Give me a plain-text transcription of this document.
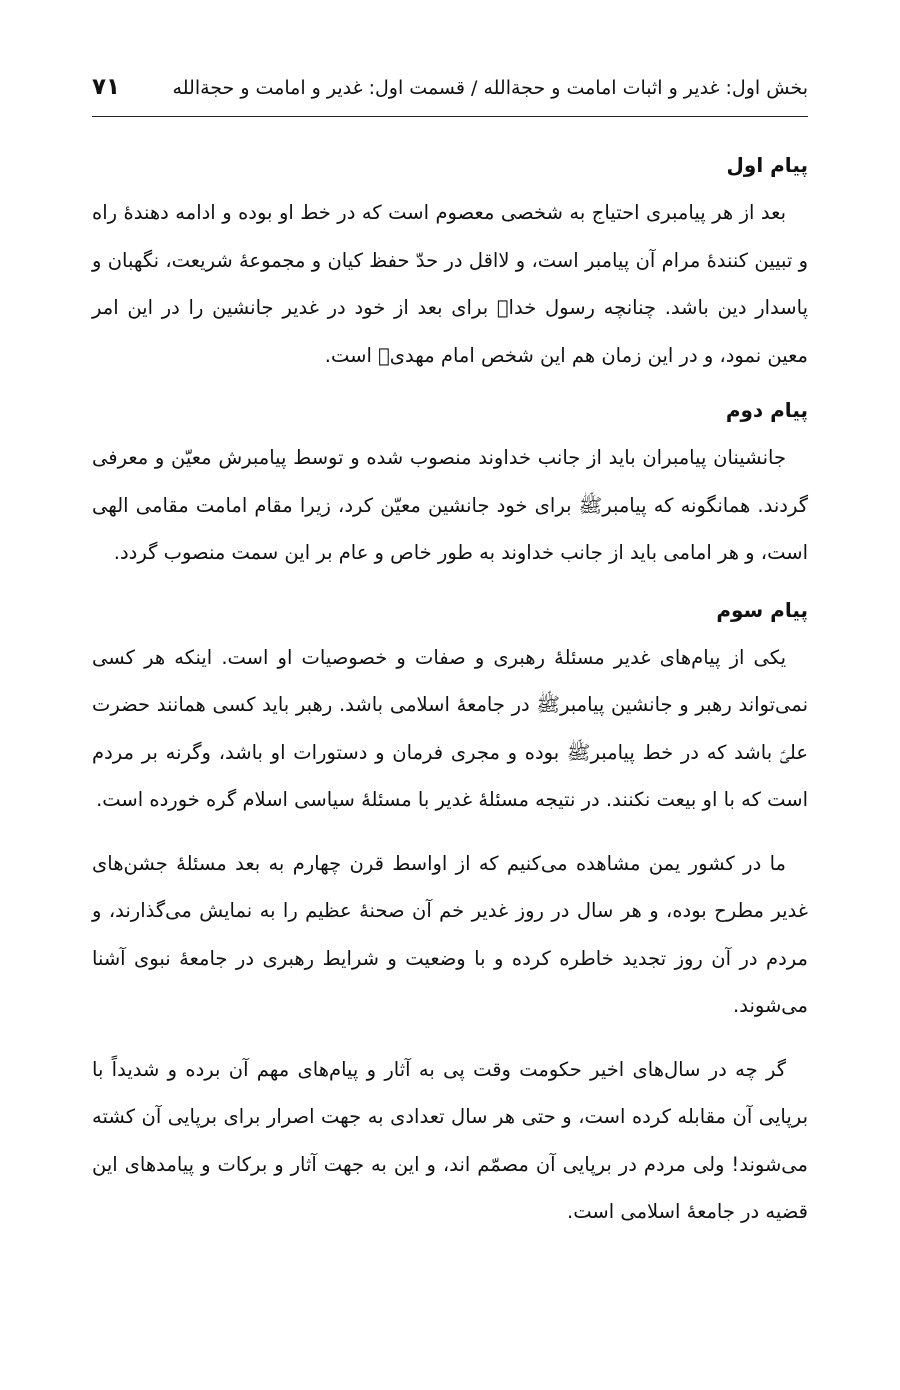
بخش اول: غدیر و اثبات امامت و حجةالله / قسمت اول: غدیر و امامت و حجةالله
٧١
پیام اول

بعد از هر پیامبری احتیاج به شخصی معصوم است که در خط او بوده و ادامه دهندهٔ راه و تبیین کنندهٔ مرام آن پیامبر است، و لااقل در حدّ حفظ کیان و مجموعهٔ شریعت، نگهبان و پاسدار دین باشد. چنانچه رسول خداﷺ برای بعد از خود در غدیر جانشین را در این امر معین نمود، و در این زمان هم این شخص امام مهدیؑ است.

پیام دوم

جانشینان پیامبران باید از جانب خداوند منصوب شده و توسط پیامبرش معیّن و معرفی گردند. همانگونه که پیامبرﷺ برای خود جانشین معیّن کرد، زیرا مقام امامت مقامی الهی است، و هر امامی باید از جانب خداوند به طور خاص و عام بر این سمت منصوب گردد.

پیام سوم

یکی از پیام‌های غدیر مسئلهٔ رهبری و صفات و خصوصیات او است. اینکه هر کسی نمی‌تواند رهبر و جانشین پیامبرﷺ در جامعهٔ اسلامی باشد. رهبر باید کسی همانند حضرت علیؑ باشد که در خط پیامبرﷺ بوده و مجری فرمان و دستورات او باشد، وگرنه بر مردم است که با او بیعت نکنند. در نتیجه مسئلهٔ غدیر با مسئلهٔ سیاسی اسلام گره خورده است.

ما در کشور یمن مشاهده می‌کنیم که از اواسط قرن چهارم به بعد مسئلهٔ جشن‌های غدیر مطرح بوده، و هر سال در روز غدیر خم آن صحنهٔ عظیم را به نمایش می‌گذارند، و مردم در آن روز تجدید خاطره کرده و با وضعیت و شرایط رهبری در جامعهٔ نبوی آشنا می‌شوند.

گر چه در سال‌های اخیر حکومت وقت پی به آثار و پیام‌های مهم آن برده و شدیداً با برپایی آن مقابله کرده است، و حتی هر سال تعدادی به جهت اصرار برای برپایی آن کشته می‌شوند! ولی مردم در برپایی آن مصمّم اند، و این به جهت آثار و برکات و پیامدهای این قضیه در جامعهٔ اسلامی است.
